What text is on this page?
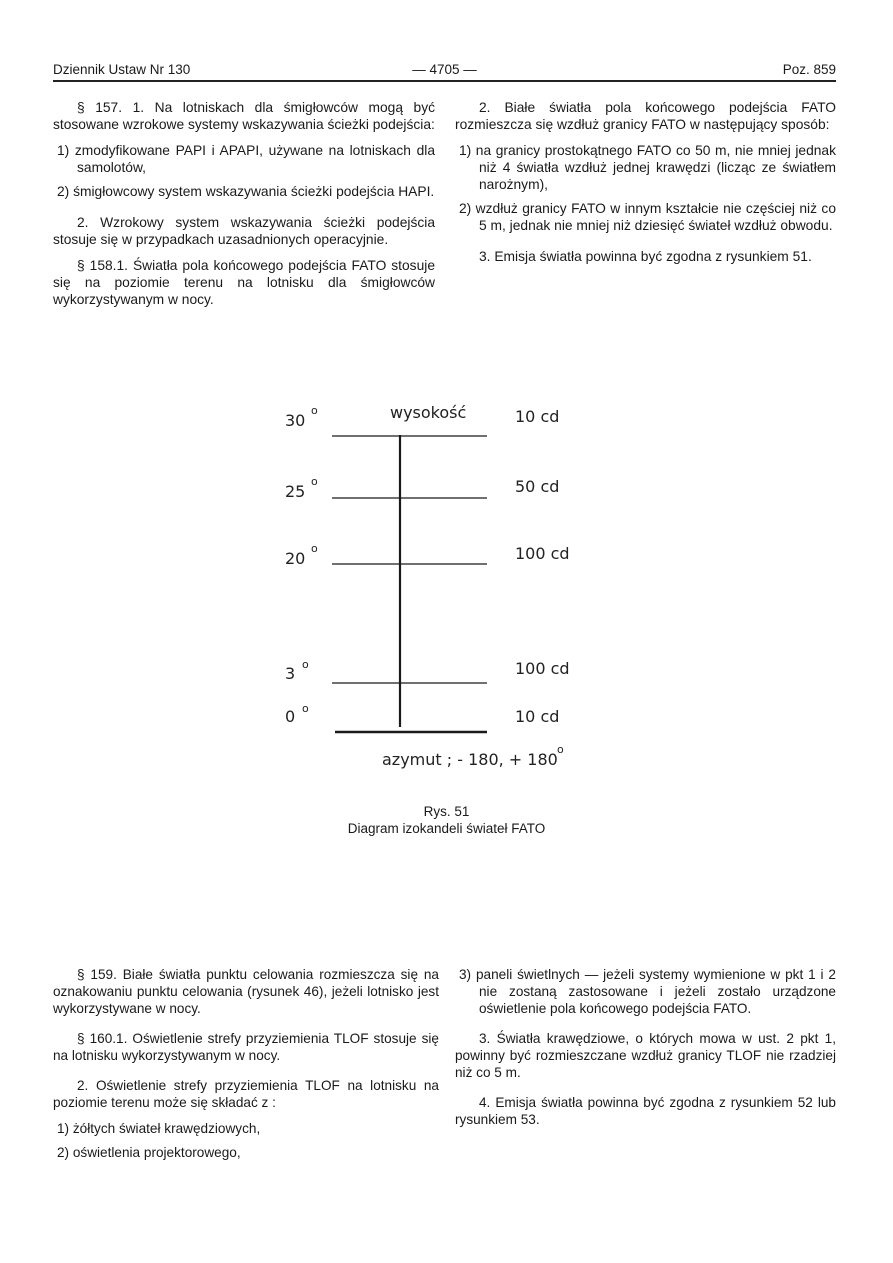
Dziennik Ustaw Nr 130	— 4705 —	Poz. 859

§ 157. 1. Na lotniskach dla śmigłowców mogą być stosowane wzrokowe systemy wskazywania ścieżki podejścia:

1) zmodyfikowane PAPI i APAPI, używane na lotniskach dla samolotów,
2) śmigłowcowy system wskazywania ścieżki podejścia HAPI.

2. Wzrokowy system wskazywania ścieżki podejścia stosuje się w przypadkach uzasadnionych operacyjnie.

§ 158.1. Światła pola końcowego podejścia FATO stosuje się na poziomie terenu na lotnisku dla śmigłowców wykorzystywanym w nocy.

2. Białe światła pola końcowego podejścia FATO rozmieszcza się wzdłuż granicy FATO w następujący sposób:

1) na granicy prostokątnego FATO co 50 m, nie mniej jednak niż 4 światła wzdłuż jednej krawędzi (licząc ze światłem narożnym),
2) wzdłuż granicy FATO w innym kształcie nie częściej niż co 5 m, jednak nie mniej niż dziesięć świateł wzdłuż obwodu.

3. Emisja światła powinna być zgodna z rysunkiem 51.

wysokość
30
o	10 cd
25
o	50 cd
20
o	100 cd
3 o	100 cd
0 o	10 cd
azymut ; - 180, + 180
o
Rys. 51
Diagram izokandeli świateł FATO

§ 159. Białe światła punktu celowania rozmieszcza się na oznakowaniu punktu celowania (rysunek 46), jeżeli lotnisko jest wykorzystywane w nocy.

§ 160.1. Oświetlenie strefy przyziemienia TLOF stosuje się na lotnisku wykorzystywanym w nocy.

2. Oświetlenie strefy przyziemienia TLOF na lotnisku na poziomie terenu może się składać z :

1) żółtych świateł krawędziowych,
2) oświetlenia projektorowego,
3) paneli świetlnych — jeżeli systemy wymienione w pkt 1 i 2 nie zostaną zastosowane i jeżeli zostało urządzone oświetlenie pola końcowego podejścia FATO.

3. Światła krawędziowe, o których mowa w ust. 2 pkt 1, powinny być rozmieszczane wzdłuż granicy TLOF nie rzadziej niż co 5 m.

4. Emisja światła powinna być zgodna z rysunkiem 52 lub rysunkiem 53.
